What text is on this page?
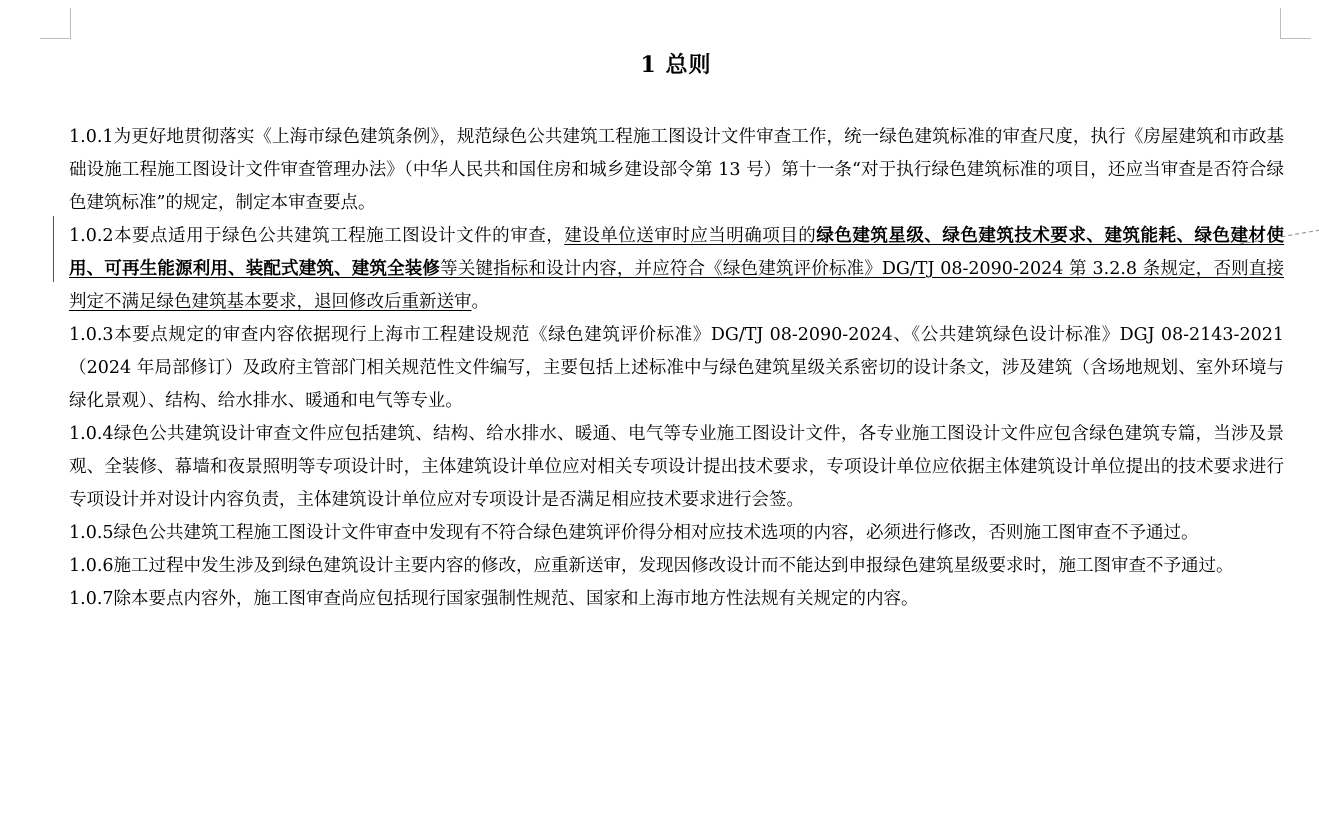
1 总则

1.0.1为更好地贯彻落实《上海市绿色建筑条例》，规范绿色公共建筑工程施工图设计文件审查工作，统一绿色建筑标准的审查尺度，执行《房屋建筑和市政基础设施工程施工图设计文件审查管理办法》（中华人民共和国住房和城乡建设部令第 13 号）第十一条“对于执行绿色建筑标准的项目，还应当审查是否符合绿色建筑标准”的规定，制定本审查要点。

1.0.2本要点适用于绿色公共建筑工程施工图设计文件的审查，建设单位送审时应当明确项目的绿色建筑星级、绿色建筑技术要求、建筑能耗、绿色建材使用、可再生能源利用、装配式建筑、建筑全装修等关键指标和设计内容，并应符合《绿色建筑评价标准》DG/TJ 08-2090-2024 第 3.2.8 条规定，否则直接判定不满足绿色建筑基本要求，退回修改后重新送审。

1.0.3本要点规定的审查内容依据现行上海市工程建设规范《绿色建筑评价标准》DG/TJ 08-2090-2024、《公共建筑绿色设计标准》DGJ 08-2143-2021（2024 年局部修订）及政府主管部门相关规范性文件编写，主要包括上述标准中与绿色建筑星级关系密切的设计条文，涉及建筑（含场地规划、室外环境与绿化景观）、结构、给水排水、暖通和电气等专业。

1.0.4绿色公共建筑设计审查文件应包括建筑、结构、给水排水、暖通、电气等专业施工图设计文件，各专业施工图设计文件应包含绿色建筑专篇，当涉及景观、全装修、幕墙和夜景照明等专项设计时，主体建筑设计单位应对相关专项设计提出技术要求，专项设计单位应依据主体建筑设计单位提出的技术要求进行专项设计并对设计内容负责，主体建筑设计单位应对专项设计是否满足相应技术要求进行会签。

1.0.5绿色公共建筑工程施工图设计文件审查中发现有不符合绿色建筑评价得分相对应技术选项的内容，必须进行修改，否则施工图审查不予通过。

1.0.6施工过程中发生涉及到绿色建筑设计主要内容的修改，应重新送审，发现因修改设计而不能达到申报绿色建筑星级要求时，施工图审查不予通过。

1.0.7除本要点内容外，施工图审查尚应包括现行国家强制性规范、国家和上海市地方性法规有关规定的内容。
